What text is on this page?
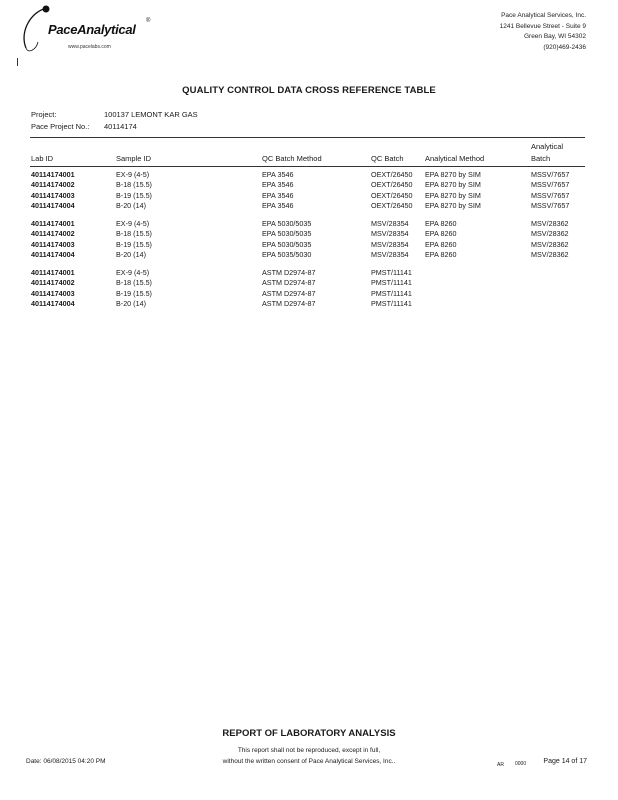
PaceAnalytical
®
www.pacelabs.com
Pace Analytical Services, Inc.
1241 Bellevue Street - Suite 9
Green Bay, WI 54302
(920)469-2436
QUALITY CONTROL DATA CROSS REFERENCE TABLE
Project:	100137 LEMONT KAR GAS
Pace Project No.: 40114174
Lab ID	Sample ID	QC Batch Method	QC Batch	Analytical Method
Analytical
Batch
40114174001	EX-9 (4-5)	EPA 3546	OEXT/26450 EPA 8270 by SIM	MSSV/7657
40114174002	B-18 (15.5)	EPA 3546	OEXT/26450 EPA 8270 by SIM	MSSV/7657
40114174003	B-19 (15.5)	EPA 3546	OEXT/26450 EPA 8270 by SIM	MSSV/7657
40114174004	B-20 (14)	EPA 3546	OEXT/26450 EPA 8270 by SIM	MSSV/7657
40114174001	EX-9 (4-5)	EPA 5030/5035	MSV/28354 EPA 8260	MSV/28362
40114174002	B-18 (15.5)	EPA 5030/5035	MSV/28354 EPA 8260	MSV/28362
40114174003	B-19 (15.5)	EPA 5030/5035	MSV/28354 EPA 8260	MSV/28362
40114174004	B-20 (14)	EPA 5035/5030	MSV/28354 EPA 8260	MSV/28362
40114174001	EX-9 (4-5)	ASTM D2974-87	PMST/11141
40114174002	B-18 (15.5)	ASTM D2974-87	PMST/11141
40114174003	B-19 (15.5)	ASTM D2974-87	PMST/11141
40114174004	B-20 (14)	ASTM D2974-87	PMST/11141
REPORT OF LABORATORY ANALYSIS
This report shall not be reproduced, except in full,
without the written consent of Pace Analytical Services, Inc..
Date: 06/08/2015 04:20 PM	AR 0000 Page 14 of 17
